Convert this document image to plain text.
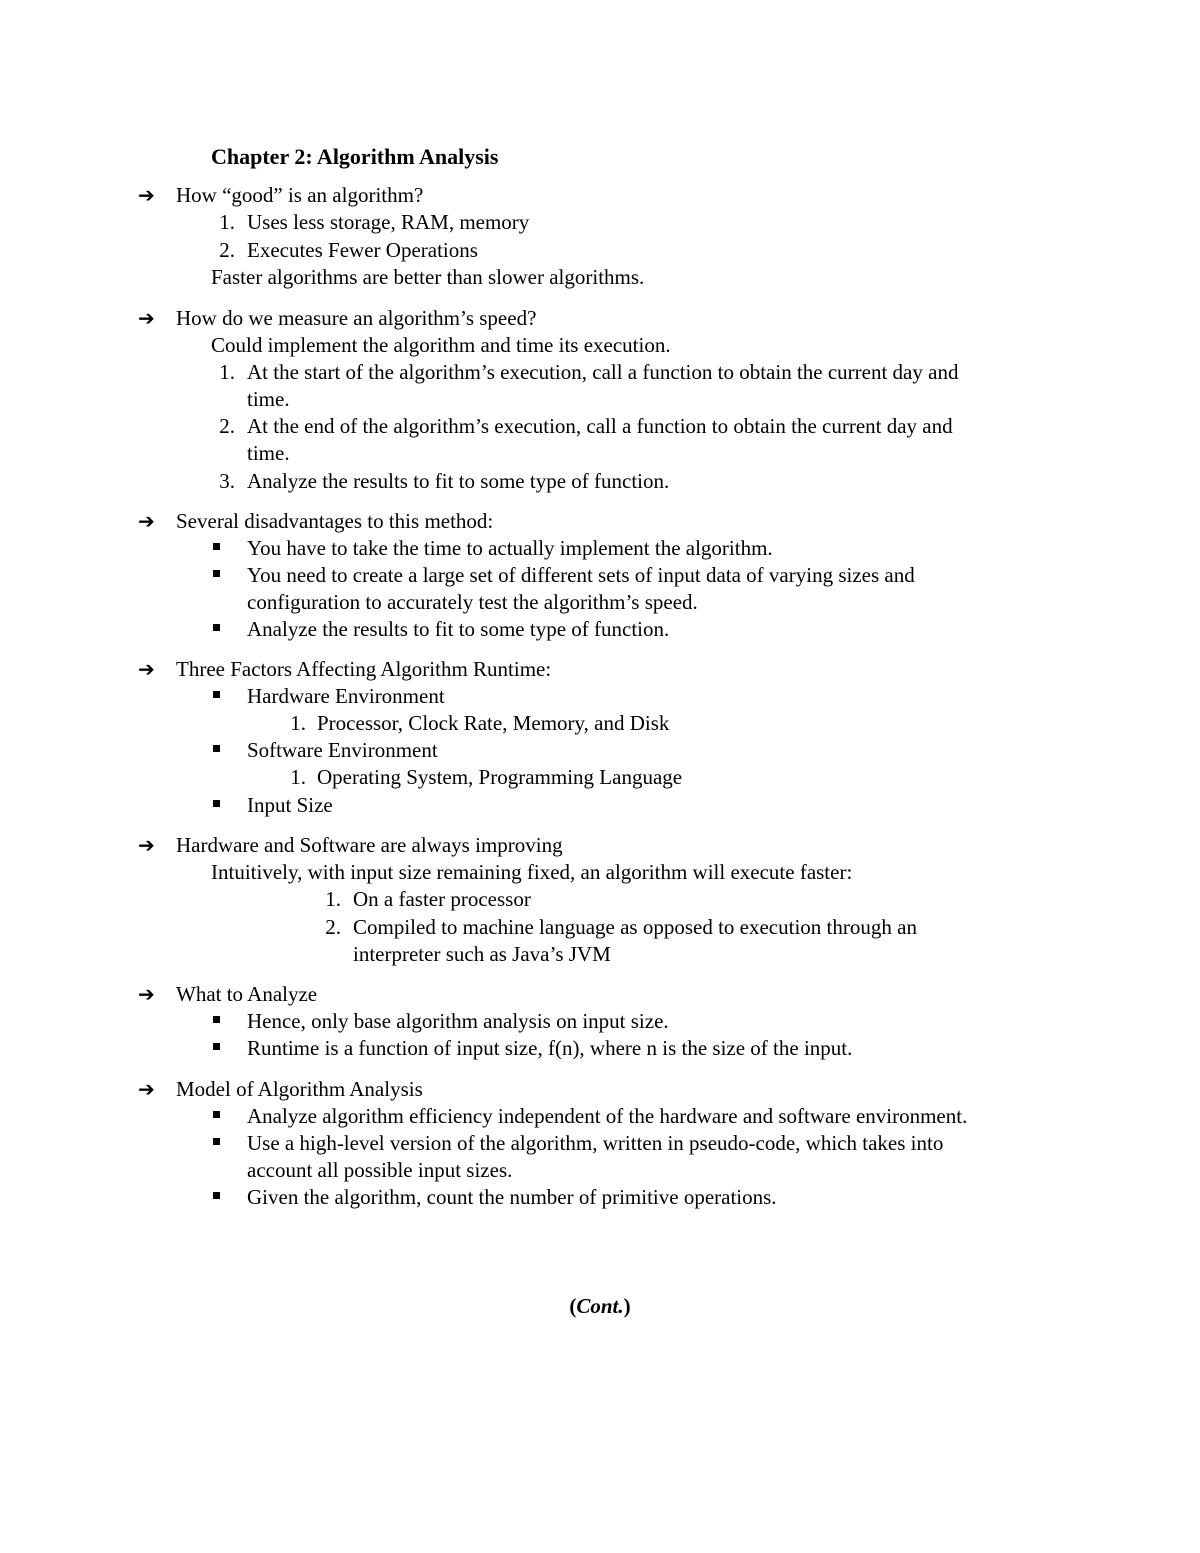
Chapter 2: Algorithm Analysis
➔	How “good” is an algorithm?
1. Uses less storage, RAM, memory
2. Executes Fewer Operations
Faster algorithms are better than slower algorithms.
➔	How do we measure an algorithm’s speed?
Could implement the algorithm and time its execution.
1. At the start of the algorithm’s execution, call a function to obtain the current day and
time.
2. At the end of the algorithm’s execution, call a function to obtain the current day and
time.
3. Analyze the results to fit to some type of function.
➔	Several disadvantages to this method:
You have to take the time to actually implement the algorithm.
You need to create a large set of different sets of input data of varying sizes and
configuration to accurately test the algorithm’s speed.
Analyze the results to fit to some type of function.
➔	Three Factors Affecting Algorithm Runtime:
Hardware Environment
1. Processor, Clock Rate, Memory, and Disk
Software Environment
1. Operating System, Programming Language
Input Size
➔	Hardware and Software are always improving
Intuitively, with input size remaining fixed, an algorithm will execute faster:
1. On a faster processor
2. Compiled to machine language as opposed to execution through an
interpreter such as Java’s JVM
➔	What to Analyze
Hence, only base algorithm analysis on input size.
Runtime is a function of input size, f(n), where n is the size of the input.
➔	Model of Algorithm Analysis
Analyze algorithm efficiency independent of the hardware and software environment.
Use a high-level version of the algorithm, written in pseudo-code, which takes into
account all possible input sizes.
Given the algorithm, count the number of primitive operations.
(Cont.)
